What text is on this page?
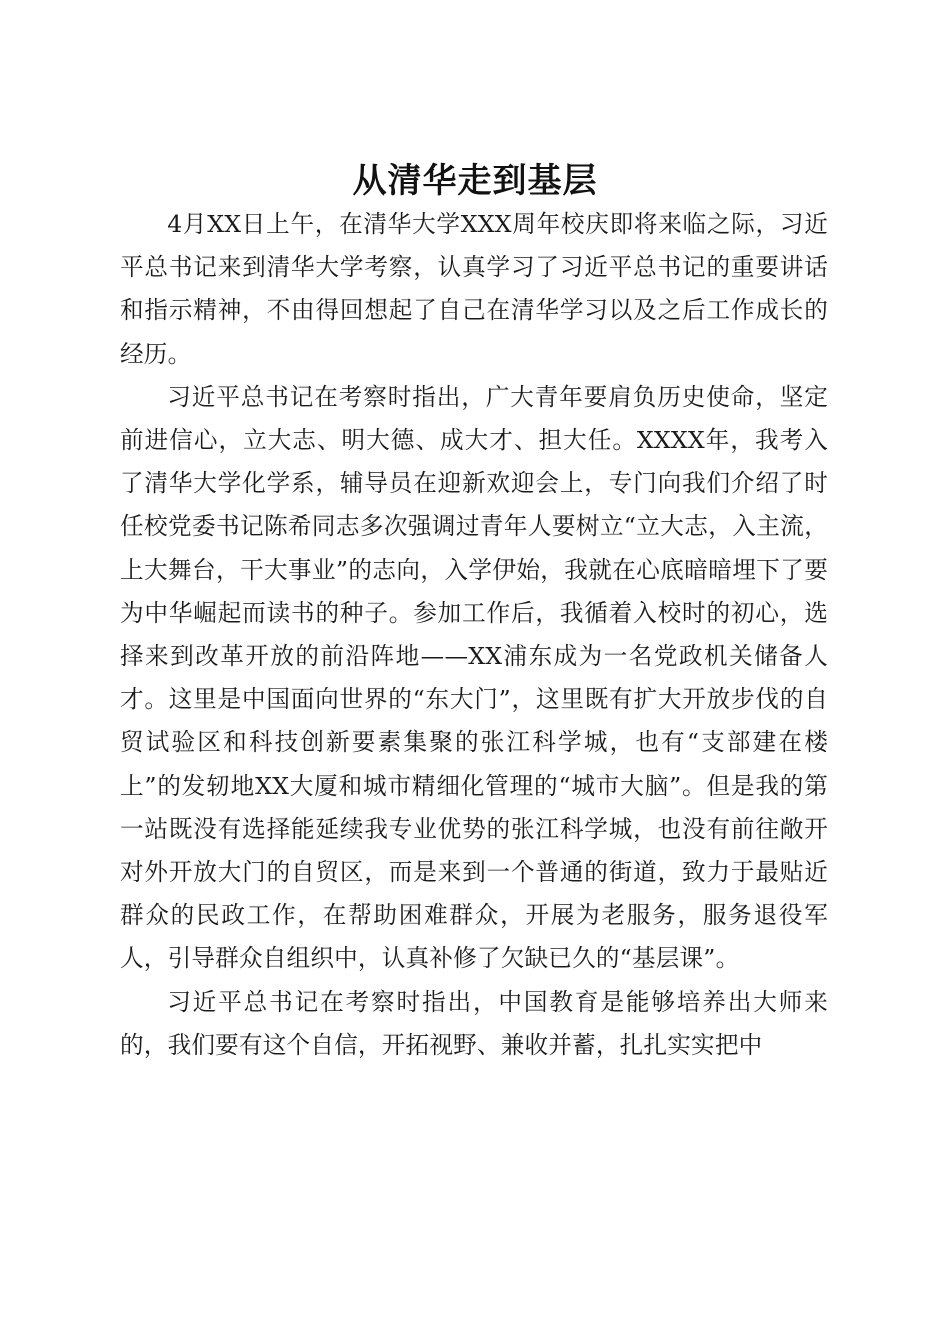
从清华走到基层

4月XX日上午，在清华大学XXX周年校庆即将来临之际，习近平总书记来到清华大学考察，认真学习了习近平总书记的重要讲话和指示精神，不由得回想起了自己在清华学习以及之后工作成长的经历。

习近平总书记在考察时指出，广大青年要肩负历史使命，坚定前进信心，立大志、明大德、成大才、担大任。XXXX年，我考入了清华大学化学系，辅导员在迎新欢迎会上，专门向我们介绍了时任校党委书记陈希同志多次强调过青年人要树立“立大志，入主流，上大舞台，干大事业”的志向，入学伊始，我就在心底暗暗埋下了要为中华崛起而读书的种子。参加工作后，我循着入校时的初心，选择来到改革开放的前沿阵地——XX浦东成为一名党政机关储备人才。这里是中国面向世界的“东大门”，这里既有扩大开放步伐的自贸试验区和科技创新要素集聚的张江科学城，也有“支部建在楼上”的发轫地XX大厦和城市精细化管理的“城市大脑”。但是我的第一站既没有选择能延续我专业优势的张江科学城，也没有前往敞开对外开放大门的自贸区，而是来到一个普通的街道，致力于最贴近群众的民政工作，在帮助困难群众，开展为老服务，服务退役军人，引导群众自组织中，认真补修了欠缺已久的“基层课”。

习近平总书记在考察时指出，中国教育是能够培养出大师来的，我们要有这个自信，开拓视野、兼收并蓄，扎扎实实把中
